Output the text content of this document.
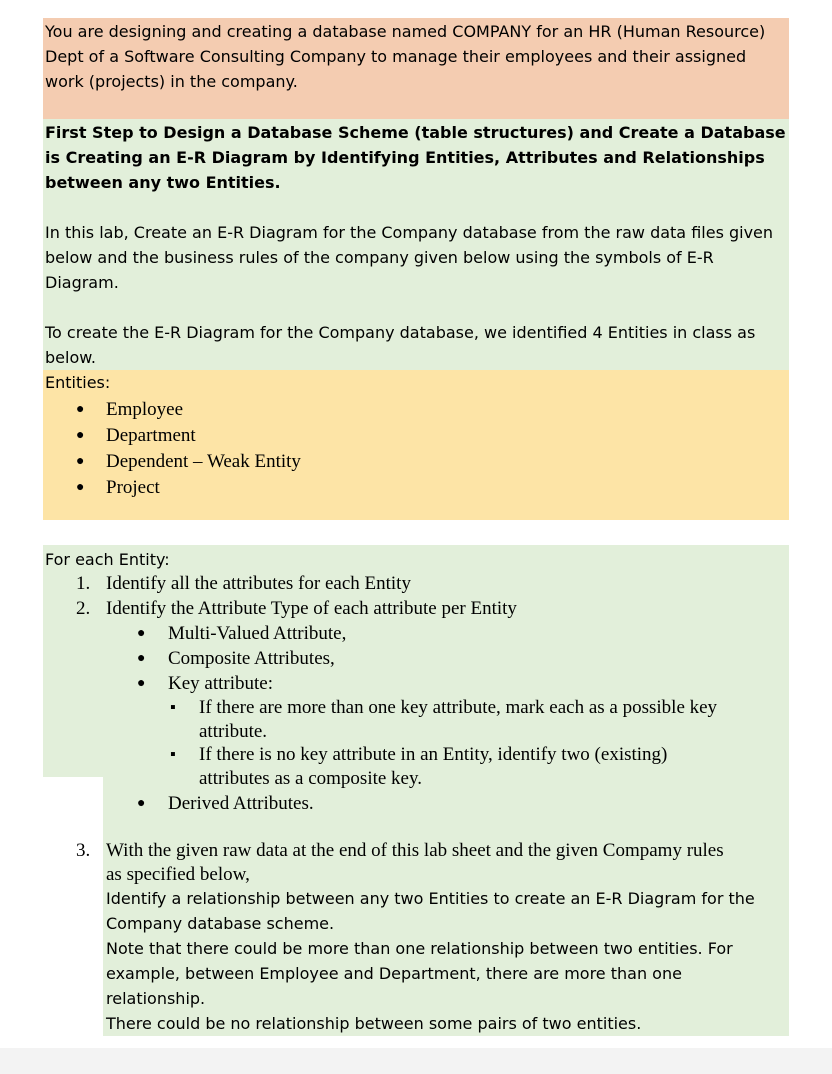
You are designing and creating a database named COMPANY for an HR (Human Resource) Dept of a Software Consulting Company to manage their employees and their assigned work (projects) in the company.

First Step to Design a Database Scheme (table structures) and Create a Database is Creating an E-R Diagram by Identifying Entities, Attributes and Relationships between any two Entities.

In this lab, Create an E-R Diagram for the Company database from the raw data files given below and the business rules of the company given below using the symbols of E-R Diagram.

To create the E-R Diagram for the Company database, we identified 4 Entities in class as below.

Entities:

● Employee
● Department
● Dependent – Weak Entity
● Project
For each Entity:
1. Identify all the attributes for each Entity
2. Identify the Attribute Type of each attribute per Entity
● Multi-Valued Attribute,
● Composite Attributes,
● Key attribute:
▪ If there are more than one key attribute, mark each as a possible key
attribute.
▪ If there is no key attribute in an Entity, identify two (existing)
attributes as a composite key.
● Derived Attributes.
3. With the given raw data at the end of this lab sheet and the given Compamy rules
as specified below,

Identify a relationship between any two Entities to create an E-R Diagram for the Company database scheme.

Note that there could be more than one relationship between two entities. For example, between Employee and Department, there are more than one relationship.

There could be no relationship between some pairs of two entities.
